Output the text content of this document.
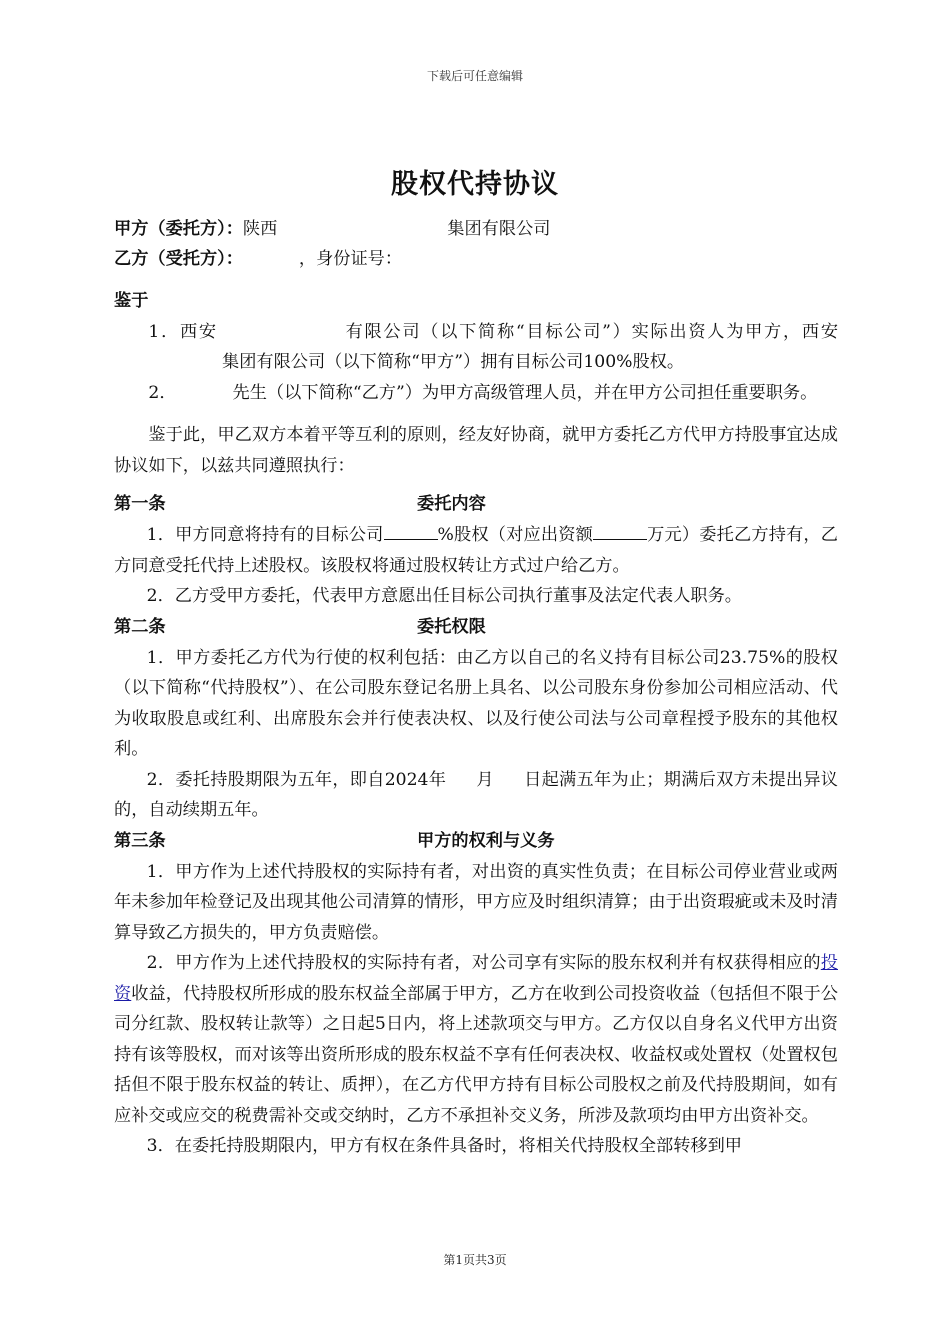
下载后可任意编辑
股权代持协议

甲方（委托方）：陕西	集团有限公司

乙方（受托方）：	，身份证号：

鉴于

1．西安	有限公司（以下简称“目标公司”）实际出资人为甲方，西安集团有限公司（以下简称“甲方”）拥有目标公司100%股权。

2．	先生（以下简称“乙方”）为甲方高级管理人员，并在甲方公司担任重要职务。

鉴于此，甲乙双方本着平等互利的原则，经友好协商，就甲方委托乙方代甲方持股事宜达成协议如下，以兹共同遵照执行：

第一条	委托内容

1．甲方同意将持有的目标公司	%股权（对应出资额	万元）委托乙方持有，乙方同意受托代持上述股权。该股权将通过股权转让方式过户给乙方。

2．乙方受甲方委托，代表甲方意愿出任目标公司执行董事及法定代表人职务。

第二条	委托权限

1．甲方委托乙方代为行使的权利包括：由乙方以自己的名义持有目标公司23.75%的股权（以下简称“代持股权”）、在公司股东登记名册上具名、以公司股东身份参加公司相应活动、代为收取股息或红利、出席股东会并行使表决权、以及行使公司法与公司章程授予股东的其他权利。

2．委托持股期限为五年，即自2024年 月 日起满五年为止；期满后双方未提出异议的，自动续期五年。

第三条	甲方的权利与义务

1．甲方作为上述代持股权的实际持有者，对出资的真实性负责；在目标公司停业营业或两年未参加年检登记及出现其他公司清算的情形，甲方应及时组织清算；由于出资瑕疵或未及时清算导致乙方损失的，甲方负责赔偿。

2．甲方作为上述代持股权的实际持有者，对公司享有实际的股东权利并有权获得相应的投资收益，代持股权所形成的股东权益全部属于甲方，乙方在收到公司投资收益（包括但不限于公司分红款、股权转让款等）之日起5日内，将上述款项交与甲方。乙方仅以自身名义代甲方出资持有该等股权，而对该等出资所形成的股东权益不享有任何表决权、收益权或处置权（处置权包括但不限于股东权益的转让、质押），在乙方代甲方持有目标公司股权之前及代持股期间，如有应补交或应交的税费需补交或交纳时，乙方不承担补交义务，所涉及款项均由甲方出资补交。

3．在委托持股期限内，甲方有权在条件具备时，将相关代持股权全部转移到甲

第1页共3页
